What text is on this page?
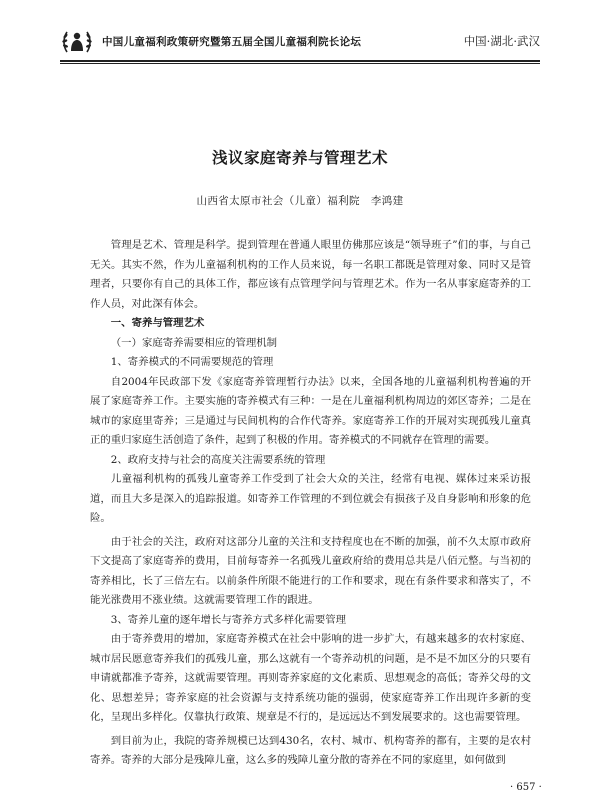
中国儿童福利政策研究暨第五届全国儿童福利院长论坛	中国·湖北·武汉
浅议家庭寄养与管理艺术
山西省太原市社会（儿童）福利院　李鸿建

管理是艺术、管理是科学。提到管理在普通人眼里仿佛那应该是“领导班子”们的事，与自己无关。其实不然，作为儿童福利机构的工作人员来说，每一名职工都既是管理对象、同时又是管理者，只要你有自己的具体工作，都应该有点管理学问与管理艺术。作为一名从事家庭寄养的工作人员，对此深有体会。

一、寄养与管理艺术

（一）家庭寄养需要相应的管理机制

1、寄养模式的不同需要规范的管理

自2004年民政部下发《家庭寄养管理暂行办法》以来，全国各地的儿童福利机构普遍的开展了家庭寄养工作。主要实施的寄养模式有三种：一是在儿童福利机构周边的郊区寄养；二是在城市的家庭里寄养；三是通过与民间机构的合作代寄养。家庭寄养工作的开展对实现孤残儿童真正的重归家庭生活创造了条件，起到了积极的作用。寄养模式的不同就存在管理的需要。

2、政府支持与社会的高度关注需要系统的管理

儿童福利机构的孤残儿童寄养工作受到了社会大众的关注，经常有电视、媒体过来采访报道，而且大多是深入的追踪报道。如寄养工作管理的不到位就会有损孩子及自身影响和形象的危险。

由于社会的关注，政府对这部分儿童的关注和支持程度也在不断的加强，前不久太原市政府下文提高了家庭寄养的费用，目前每寄养一名孤残儿童政府给的费用总共是八佰元整。与当初的寄养相比，长了三倍左右。以前条件所限不能进行的工作和要求，现在有条件要求和落实了，不能光涨费用不涨业绩。这就需要管理工作的跟进。

3、寄养儿童的逐年增长与寄养方式多样化需要管理

由于寄养费用的增加，家庭寄养模式在社会中影响的进一步扩大，有越来越多的农村家庭、城市居民愿意寄养我们的孤残儿童，那么这就有一个寄养动机的问题，是不是不加区分的只要有申请就都准予寄养，这就需要管理。再则寄养家庭的文化素质、思想观念的高低；寄养父母的文化、思想差异；寄养家庭的社会资源与支持系统功能的强弱，使家庭寄养工作出现许多新的变化，呈现出多样化。仅靠执行政策、规章是不行的，是远远达不到发展要求的。这也需要管理。

到目前为止，我院的寄养规模已达到430名，农村、城市、机构寄养的都有，主要的是农村寄养。寄养的大部分是残障儿童，这么多的残障儿童分散的寄养在不同的家庭里，如何做到

· 657 ·
